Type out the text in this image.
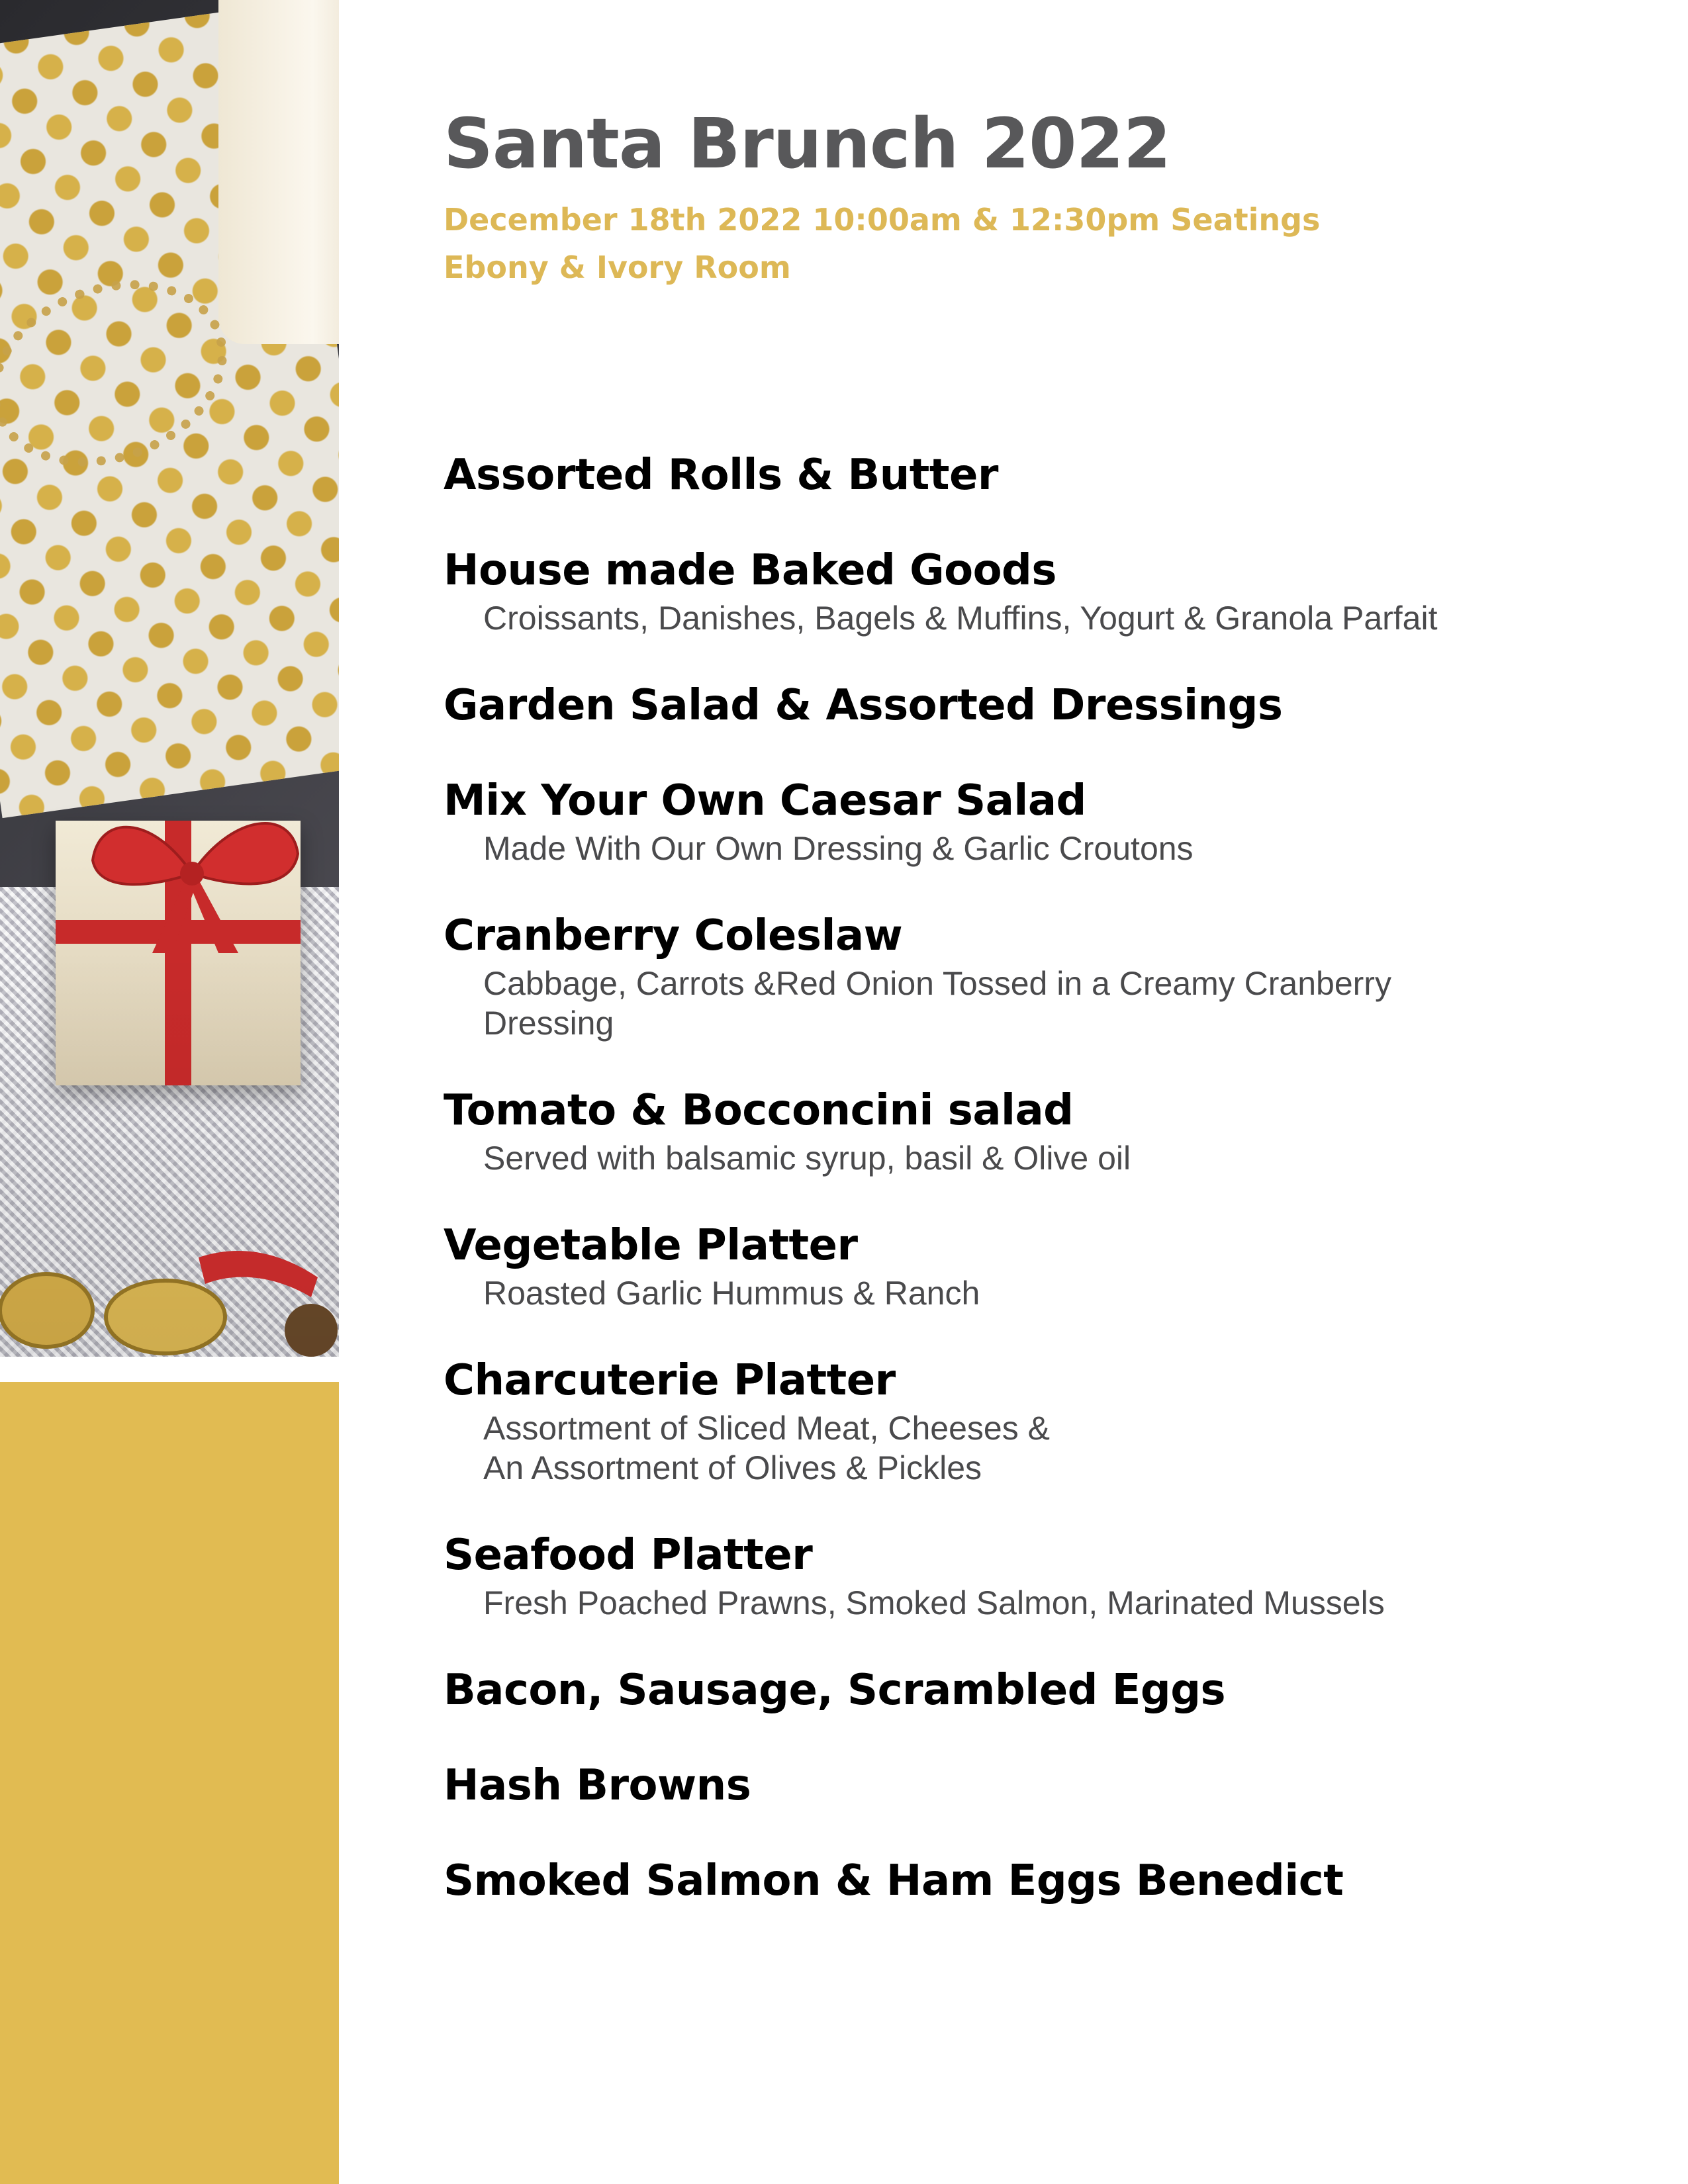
Santa Brunch 2022

December 18th 2022 10:00am & 12:30pm Seatings

Ebony & Ivory Room

Assorted Rolls & Butter

House made Baked Goods

Croissants, Danishes, Bagels & Muffins, Yogurt & Granola Parfait

Garden Salad & Assorted Dressings

Mix Your Own Caesar Salad

Made With Our Own Dressing & Garlic Croutons

Cranberry Coleslaw

Cabbage, Carrots &Red Onion Tossed in a Creamy Cranberry
Dressing

Tomato & Bocconcini salad

Served with balsamic syrup, basil & Olive oil

Vegetable Platter

Roasted Garlic Hummus & Ranch

Charcuterie Platter

Assortment of Sliced Meat, Cheeses &
An Assortment of Olives & Pickles

Seafood Platter

Fresh Poached Prawns, Smoked Salmon, Marinated Mussels

Bacon, Sausage, Scrambled Eggs

Hash Browns

Smoked Salmon & Ham Eggs Benedict
